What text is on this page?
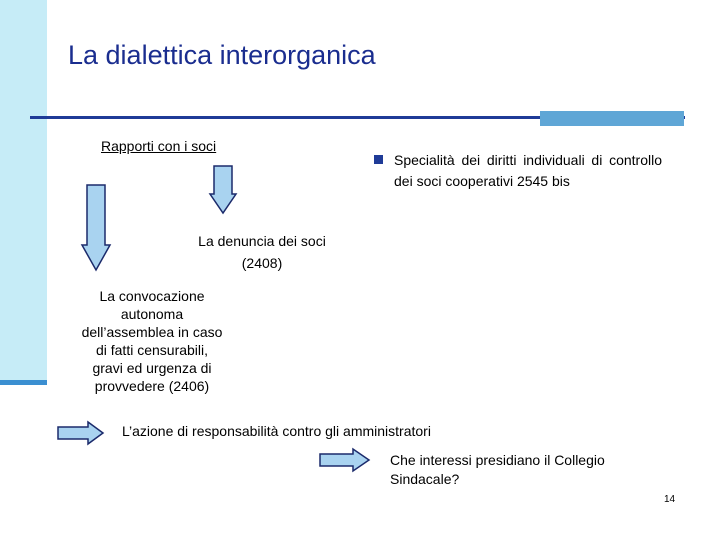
La dialettica interorganica
Rapporti con i soci
Specialità dei diritti individuali di controllo dei soci cooperativi 2545 bis
La denuncia dei soci
(2408)
La convocazione
autonoma
dell’assemblea in caso
di fatti censurabili,
gravi ed urgenza di
provvedere (2406)
L’azione di responsabilità contro gli amministratori
Che interessi presidiano il Collegio
Sindacale?
14
